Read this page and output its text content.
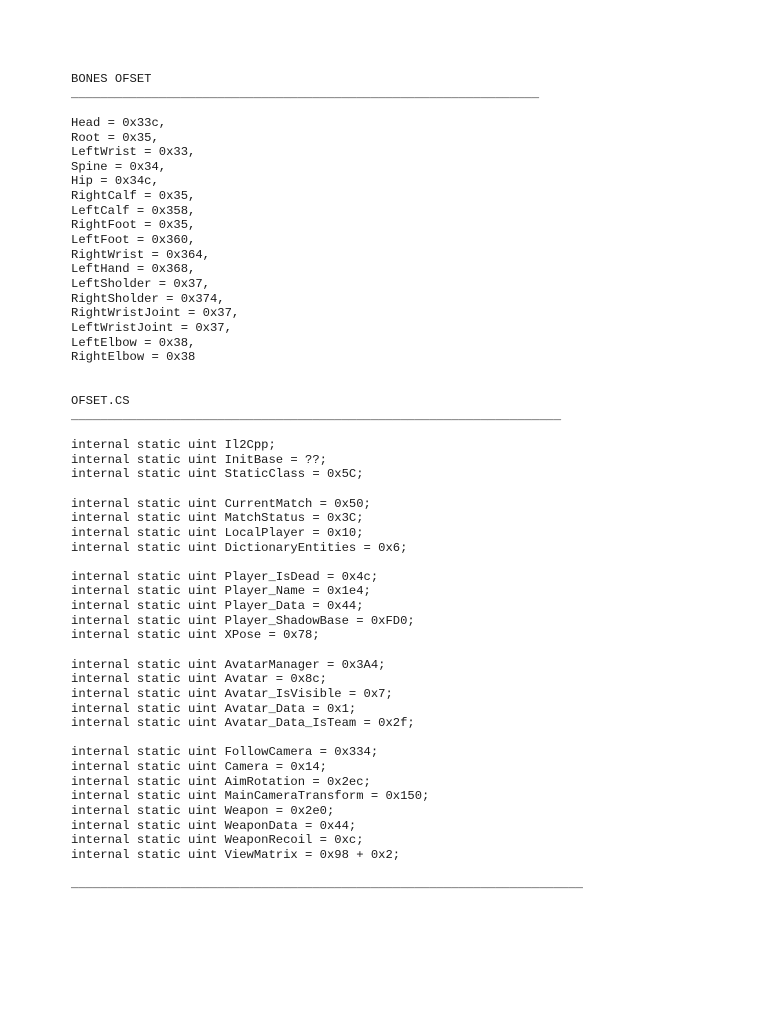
BONES OFSET
________________________________________________________________
Head = 0x33c,
Root = 0x35,
LeftWrist = 0x33,
Spine = 0x34,
Hip = 0x34c,
RightCalf = 0x35,
LeftCalf = 0x358,
RightFoot = 0x35,
LeftFoot = 0x360,
RightWrist = 0x364,
LeftHand = 0x368,
LeftSholder = 0x37,
RightSholder = 0x374,
RightWristJoint = 0x37,
LeftWristJoint = 0x37,
LeftElbow = 0x38,
RightElbow = 0x38
OFSET.CS
___________________________________________________________________
internal static uint Il2Cpp;
internal static uint InitBase = ??;
internal static uint StaticClass = 0x5C;
internal static uint CurrentMatch = 0x50;
internal static uint MatchStatus = 0x3C;
internal static uint LocalPlayer = 0x10;
internal static uint DictionaryEntities = 0x6;
internal static uint Player_IsDead = 0x4c;
internal static uint Player_Name = 0x1e4;
internal static uint Player_Data = 0x44;
internal static uint Player_ShadowBase = 0xFD0;
internal static uint XPose = 0x78;
internal static uint AvatarManager = 0x3A4;
internal static uint Avatar = 0x8c;
internal static uint Avatar_IsVisible = 0x7;
internal static uint Avatar_Data = 0x1;
internal static uint Avatar_Data_IsTeam = 0x2f;
internal static uint FollowCamera = 0x334;
internal static uint Camera = 0x14;
internal static uint AimRotation = 0x2ec;
internal static uint MainCameraTransform = 0x150;
internal static uint Weapon = 0x2e0;
internal static uint WeaponData = 0x44;
internal static uint WeaponRecoil = 0xc;
internal static uint ViewMatrix = 0x98 + 0x2;
______________________________________________________________________
